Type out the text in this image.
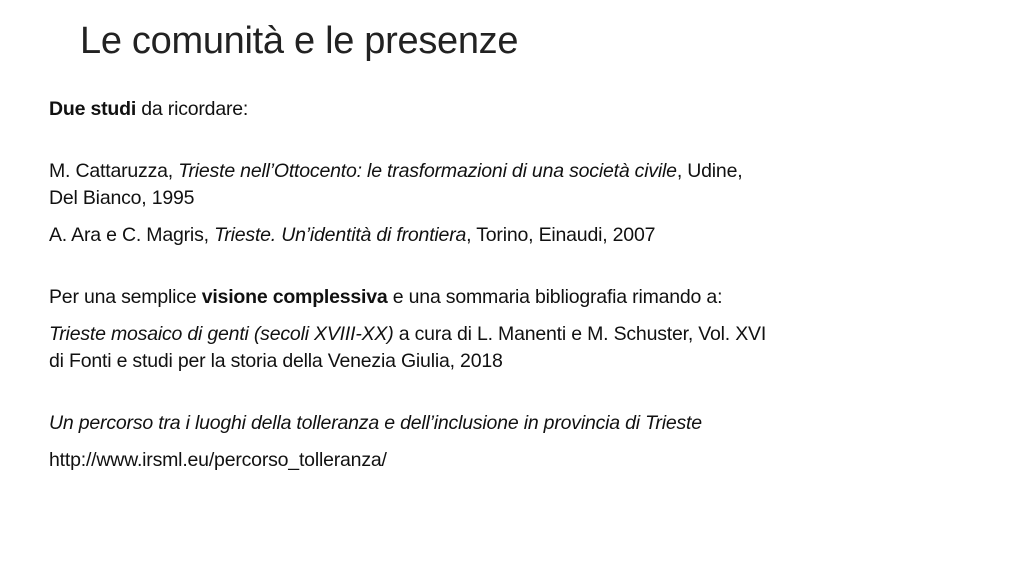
Le comunità e le presenze

Due studi da ricordare:

M. Cattaruzza, Trieste nell’Ottocento: le trasformazioni di una società civile, Udine,
Del Bianco, 1995

A. Ara e C. Magris, Trieste. Un’identità di frontiera, Torino, Einaudi, 2007

Per una semplice visione complessiva e una sommaria bibliografia rimando a:

Trieste mosaico di genti (secoli XVIII-XX) a cura di L. Manenti e M. Schuster, Vol. XVI
di Fonti e studi per la storia della Venezia Giulia, 2018

Un percorso tra i luoghi della tolleranza e dell’inclusione in provincia di Trieste

http://www.irsml.eu/percorso_tolleranza/
